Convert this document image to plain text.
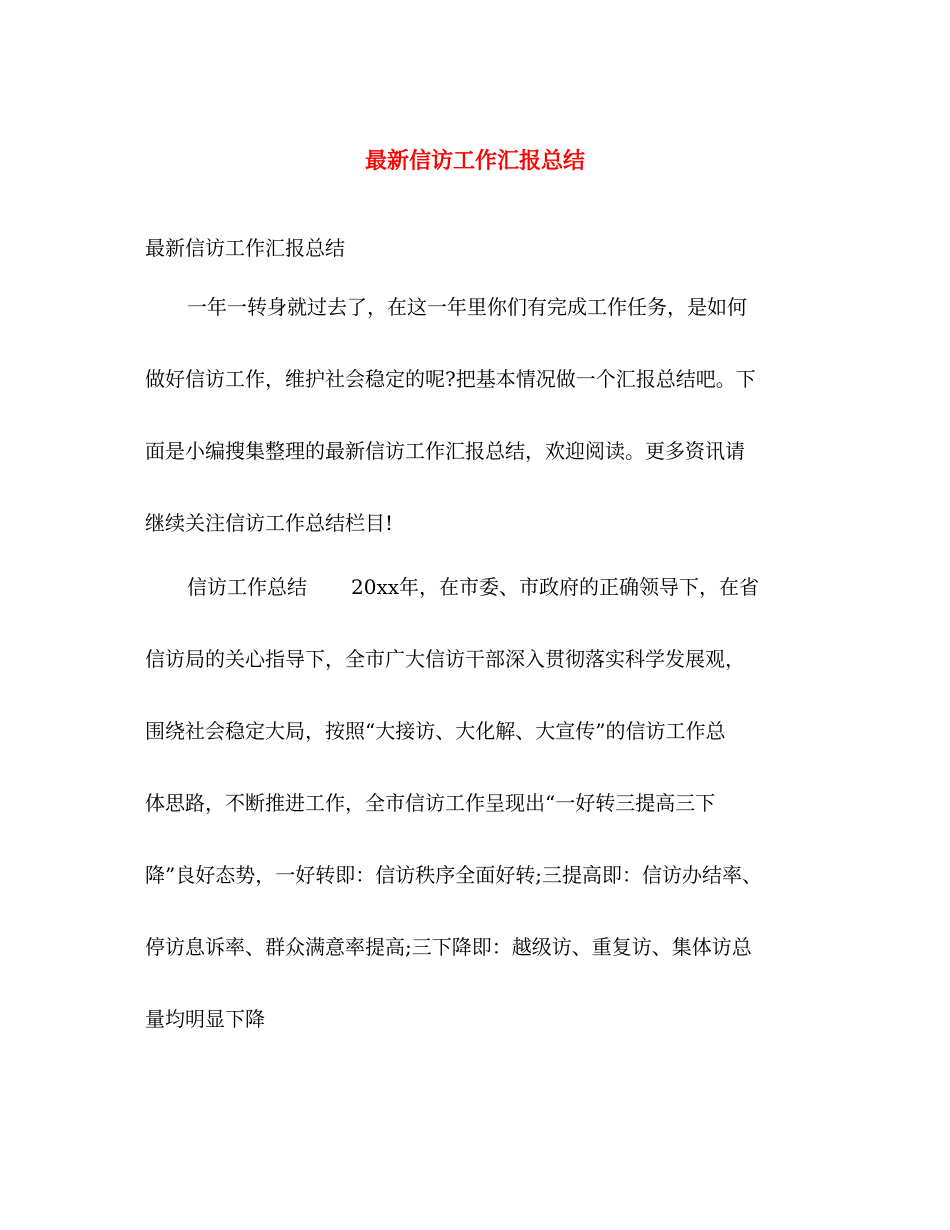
最新信访工作汇报总结

最新信访工作汇报总结

一年一转身就过去了，在这一年里你们有完成工作任务，是如何

做好信访工作，维护社会稳定的呢?把基本情况做一个汇报总结吧。下

面是小编搜集整理的最新信访工作汇报总结，欢迎阅读。更多资讯请

继续关注信访工作总结栏目!

信访工作总结 20xx年，在市委、市政府的正确领导下，在省

信访局的关心指导下，全市广大信访干部深入贯彻落实科学发展观，

围绕社会稳定大局，按照“大接访、大化解、大宣传”的信访工作总

体思路，不断推进工作，全市信访工作呈现出“一好转三提高三下

降”良好态势，一好转即：信访秩序全面好转;三提高即：信访办结率、

停访息诉率、群众满意率提高;三下降即：越级访、重复访、集体访总

量均明显下降
